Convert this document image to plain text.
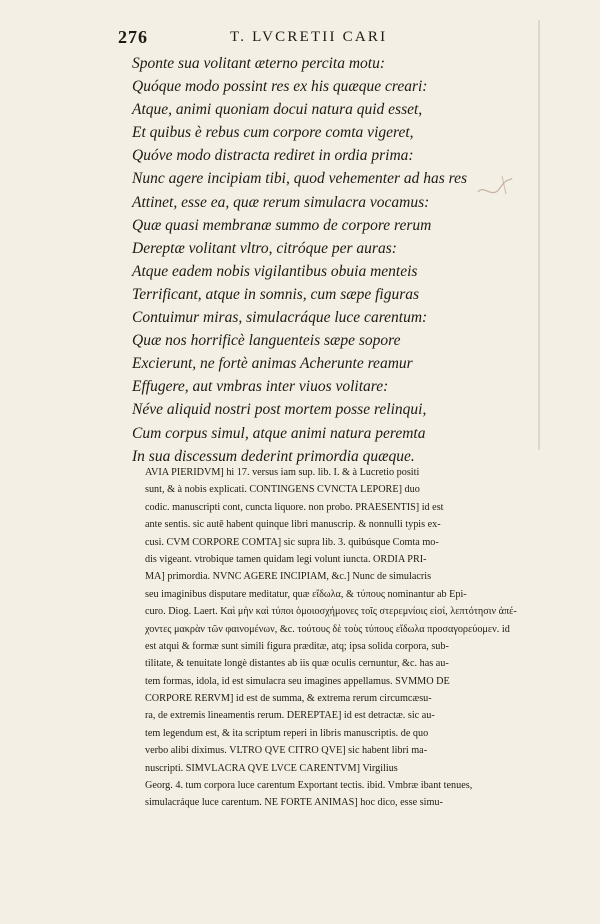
276	T. LVCRETII CARI
Sponte sua volitant æterno percita motu:
Quóque modo possint res ex his quæque creari:
Atque, animi quoniam docui natura quid esset,
Et quibus è rebus cum corpore comta vigeret,
Quóve modo distracta rediret in ordia prima:
Nunc agere incipiam tibi, quod vehementer ad has res
Attinet, esse ea, quæ rerum simulacra vocamus:
Quæ quasi membranæ summo de corpore rerum
Dereptæ volitant vltro, citróque per auras:
Atque eadem nobis vigilantibus obuia menteis
Terrificant, atque in somnis, cum sæpe figuras
Contuimur miras, simulacráque luce carentum:
Quæ nos horrificè languenteis sæpe sopore
Excierunt, ne fortè animas Acherunte reamur
Effugere, aut vmbras inter viuos volitare:
Néve aliquid nostri post mortem posse relinqui,
Cum corpus simul, atque animi natura peremta
In sua discessum dederint primordia quæque.
AVIA PIERIDVM] hi 17. versus iam sup. lib. I. & à Lucretio positi
sunt, & à nobis explicati. CONTINGENS CVNCTA LEPORE] duo
codic. manuscripti cont, cuncta liquore. non probo. PRAESENTIS] id est
ante sentis. sic autē habent quinque libri manuscrip. & nonnulli typis ex-
cusi. CVM CORPORE COMTA] sic supra lib. 3. quibúsque Comta mo-
dis vigeant. vtrobique tamen quidam legi volunt iuncta. ORDIA PRI-
MA] primordia. NVNC AGERE INCIPIAM, &c.] Nunc de simulacris
seu imaginibus disputare meditatur, quæ εἴδωλα, & τύπους nominantur ab Epi-
curo. Diog. Laert. Καὶ μὴν καὶ τύποι ὁμοιοσχήμονες τοῖς στερεμνίοις εἰσί, λεπτότησιν ἀπέ-
χοντες μακρὰν τῶν φαινομένων, &c. τούτους δὲ τοὺς τύπους εἴδωλα προσαγορεύομεν. id
est atqui & formæ sunt simili figura præditæ, atq; ipsa solida corpora, sub-
tilitate, & tenuitate longè distantes ab iis quæ oculis cernuntur, &c. has au-
tem formas, idola, id est simulacra seu imagines appellamus. SVMMO DE
CORPORE RERVM] id est de summa, & extrema rerum circumcæsu-
ra, de extremis lineamentis rerum. DEREPTAE] id est detractæ. sic au-
tem legendum est, & ita scriptum reperi in libris manuscriptis. de quo
verbo alibi diximus. VLTRO QVE CITRO QVE] sic habent libri ma-
nuscripti. SIMVLACRA QVE LVCE CARENTVM] Virgilius
Georg. 4. tum corpora luce carentum Exportant tectis. ibid. Vmbræ ibant tenues,
simulacráque luce carentum. NE FORTE ANIMAS] hoc dico, esse simu-
